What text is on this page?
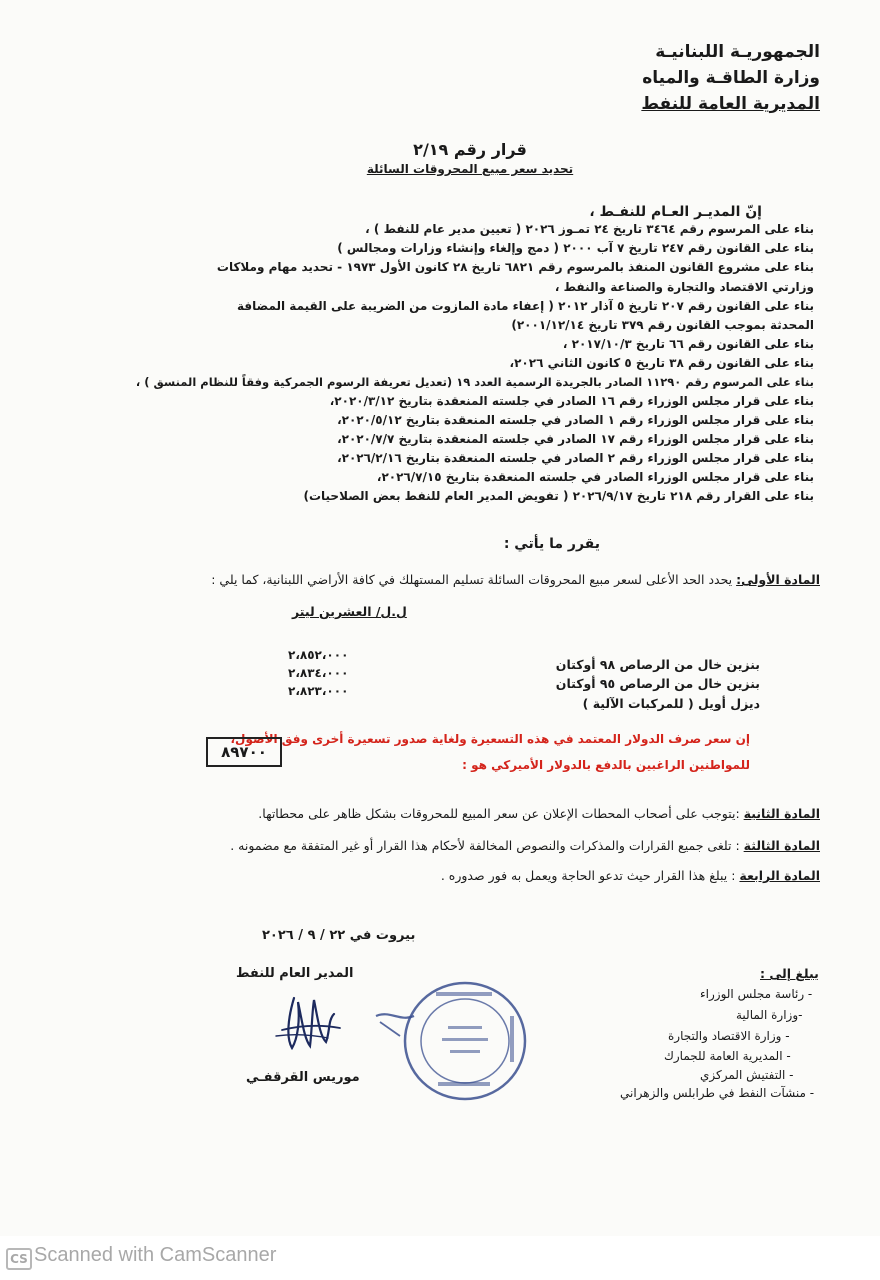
الجمهوريـة اللبنانيـة
وزارة الطاقـة والمياه
المديرية العامة للنفط
قرار رقم ٢/١٩
تحديد سعر مبيع المحروقات السائلة
إنّ المديـر العـام للنفـط ،
بناء على المرسوم رقم ٣٤٦٤ تاريخ ٢٤ تمـوز ٢٠٢٦ ( تعيين مدير عام للنفط ) ،
بناء على القانون رقم ٢٤٧ تاريخ ٧ آب ٢٠٠٠ ( دمج وإلغاء وإنشاء وزارات ومجالس )
بناء على مشروع القانون المنفذ بالمرسوم رقم ٦٨٢١ تاريخ ٢٨ كانون الأول ١٩٧٣ - تحديد مهام وملاكات
وزارتي الاقتصاد والتجارة والصناعة والنفط ،
بناء على القانون رقم ٢٠٧ تاريخ ٥ آذار ٢٠١٢ ( إعفاء مادة المازوت من الضريبة على القيمة المضافة
المحدثة بموجب القانون رقم ٣٧٩ تاريخ ٢٠٠١/١٢/١٤)
بناء على القانون رقم ٦٦ تاريخ ٢٠١٧/١٠/٣ ،
بناء على القانون رقم ٣٨ تاريخ ٥ كانون الثاني ٢٠٢٦،
بناء على المرسوم رقم ١١٢٩٠ الصادر بالجريدة الرسمية العدد ١٩ (تعديل تعريفة الرسوم الجمركية وفقاً للنظام المنسق ) ،
بناء على قرار مجلس الوزراء رقم ١٦ الصادر في جلسته المنعقدة بتاريخ ٢٠٢٠/٣/١٢،
بناء على قرار مجلس الوزراء رقم ١ الصادر في جلسته المنعقدة بتاريخ ٢٠٢٠/٥/١٢،
بناء على قرار مجلس الوزراء رقم ١٧ الصادر في جلسته المنعقدة بتاريخ ٢٠٢٠/٧/٧،
بناء على قرار مجلس الوزراء رقم ٢ الصادر في جلسته المنعقدة بتاريخ ٢٠٢٦/٢/١٦،
بناء على قرار مجلس الوزراء الصادر في جلسته المنعقدة بتاريخ ٢٠٢٦/٧/١٥،
بناء على القرار رقم ٢١٨ تاريخ ٢٠٢٦/٩/١٧ ( تفويض المدير العام للنفط بعض الصلاحيات)
يقرر ما يأتي :
المادة الأولى: يحدد الحد الأعلى لسعر مبيع المحروقات السائلة تسليم المستهلك في كافة الأراضي اللبنانية، كما يلي :
ل.ل/ العشرين ليتر
٢،٨٥٢،٠٠٠
٢،٨٣٤،٠٠٠
٢،٨٢٣،٠٠٠
بنزين خال من الرصاص ٩٨ أوكتان
بنزين خال من الرصاص ٩٥ أوكتان
ديزل أويل ( للمركبات الآلية )
إن سعر صرف الدولار المعتمد في هذه التسعيرة ولغاية صدور تسعيرة أخرى وفق الأصول،
للمواطنين الراغبين بالدفع بالدولار الأميركي هو :
٨٩٧٠٠
المادة الثانية :يتوجب على أصحاب المحطات الإعلان عن سعر المبيع للمحروقات بشكل ظاهر على محطاتها.
المادة الثالثة : تلغى جميع القرارات والمذكرات والنصوص المخالفة لأحكام هذا القرار أو غير المتفقة مع مضمونه .
المادة الرابعة : يبلغ هذا القرار حيث تدعو الحاجة ويعمل به فور صدوره .
بيروت في ٢٢ / ٩ / ٢٠٢٦
المدير العام للنفط
موريس القرقفـي
يبلغ إلى :
- رئاسة مجلس الوزراء
-وزارة المالية
- وزارة الاقتصاد والتجارة
- المديرية العامة للجمارك
- التفتيش المركزي
- منشآت النفط في طرابلس والزهراني
CS Scanned with CamScanner
